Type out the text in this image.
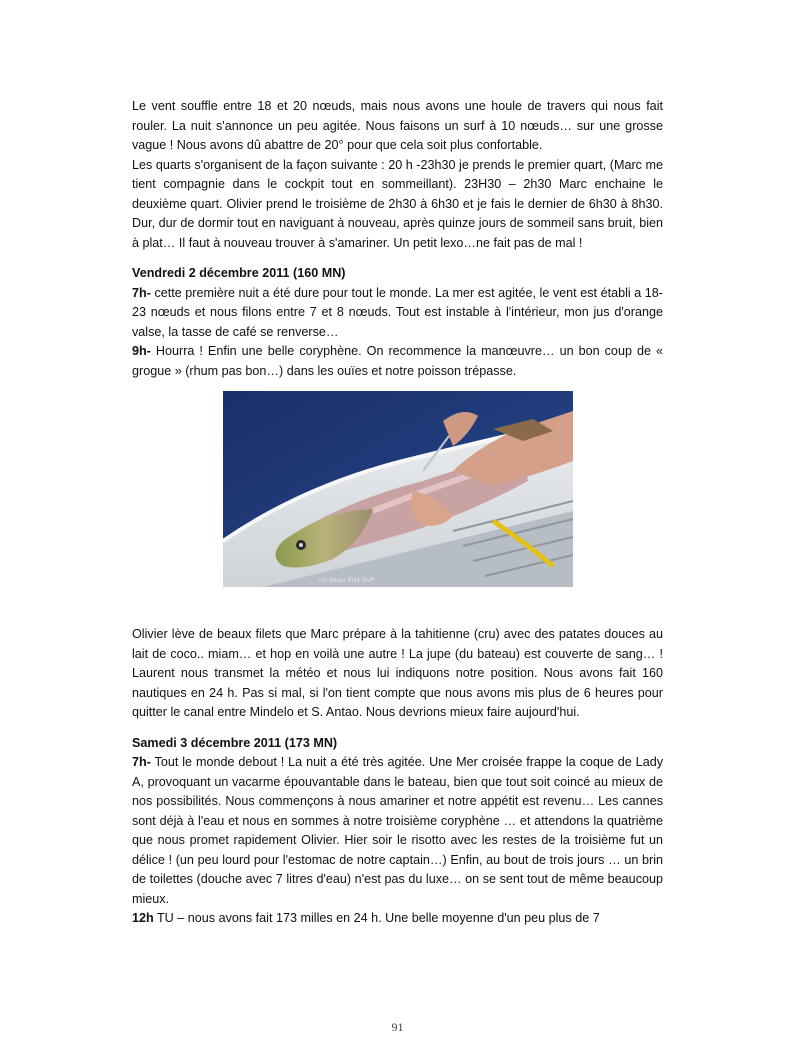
Le vent souffle entre 18 et 20 nœuds, mais nous avons une houle de travers qui nous fait rouler. La nuit s'annonce un peu agitée. Nous faisons un surf à 10 nœuds… sur une grosse vague ! Nous avons dû abattre de 20° pour que cela soit plus confortable.

Les quarts s'organisent de la façon suivante : 20 h -23h30 je prends le premier quart, (Marc me tient compagnie dans le cockpit tout en sommeillant). 23H30 – 2h30 Marc enchaine le deuxième quart. Olivier prend le troisième de 2h30 à 6h30 et je fais le dernier de 6h30 à 8h30. Dur, dur de dormir tout en naviguant à nouveau, après quinze jours de sommeil sans bruit, bien à plat… Il faut à nouveau trouver à s'amariner. Un petit lexo…ne fait pas de mal !

Vendredi 2 décembre 2011 (160 MN)

7h- cette première nuit a été dure pour tout le monde. La mer est agitée, le vent est établi a 18-23 nœuds et nous filons entre 7 et 8 nœuds. Tout est instable à l'intérieur, mon jus d'orange valse, la tasse de café se renverse…

9h- Hourra ! Enfin une belle coryphène. On recommence la manœuvre… un bon coup de « grogue » (rhum pas bon…) dans les ouïes et notre poisson trépasse.

un beau filet SVP

Olivier lève de beaux filets que Marc prépare à la tahitienne (cru) avec des patates douces au lait de coco.. miam… et hop en voilà une autre ! La jupe (du bateau) est couverte de sang… ! Laurent nous transmet la météo et nous lui indiquons notre position. Nous avons fait 160 nautiques en 24 h. Pas si mal, si l'on tient compte que nous avons mis plus de 6 heures pour quitter le canal entre Mindelo et S. Antao. Nous devrions mieux faire aujourd'hui.

Samedi 3 décembre 2011 (173 MN)

7h- Tout le monde debout ! La nuit a été très agitée. Une Mer croisée frappe la coque de Lady A, provoquant un vacarme épouvantable dans le bateau, bien que tout soit coincé au mieux de nos possibilités. Nous commençons à nous amariner et notre appétit est revenu… Les cannes sont déjà à l'eau et nous en sommes à notre troisième coryphène … et attendons la quatrième que nous promet rapidement Olivier. Hier soir le risotto avec les restes de la troisième fut un délice ! (un peu lourd pour l'estomac de notre captain…) Enfin, au bout de trois jours … un brin de toilettes (douche avec 7 litres d'eau) n'est pas du luxe… on se sent tout de même beaucoup mieux.

12h TU – nous avons fait 173 milles en 24 h. Une belle moyenne d'un peu plus de 7

91
